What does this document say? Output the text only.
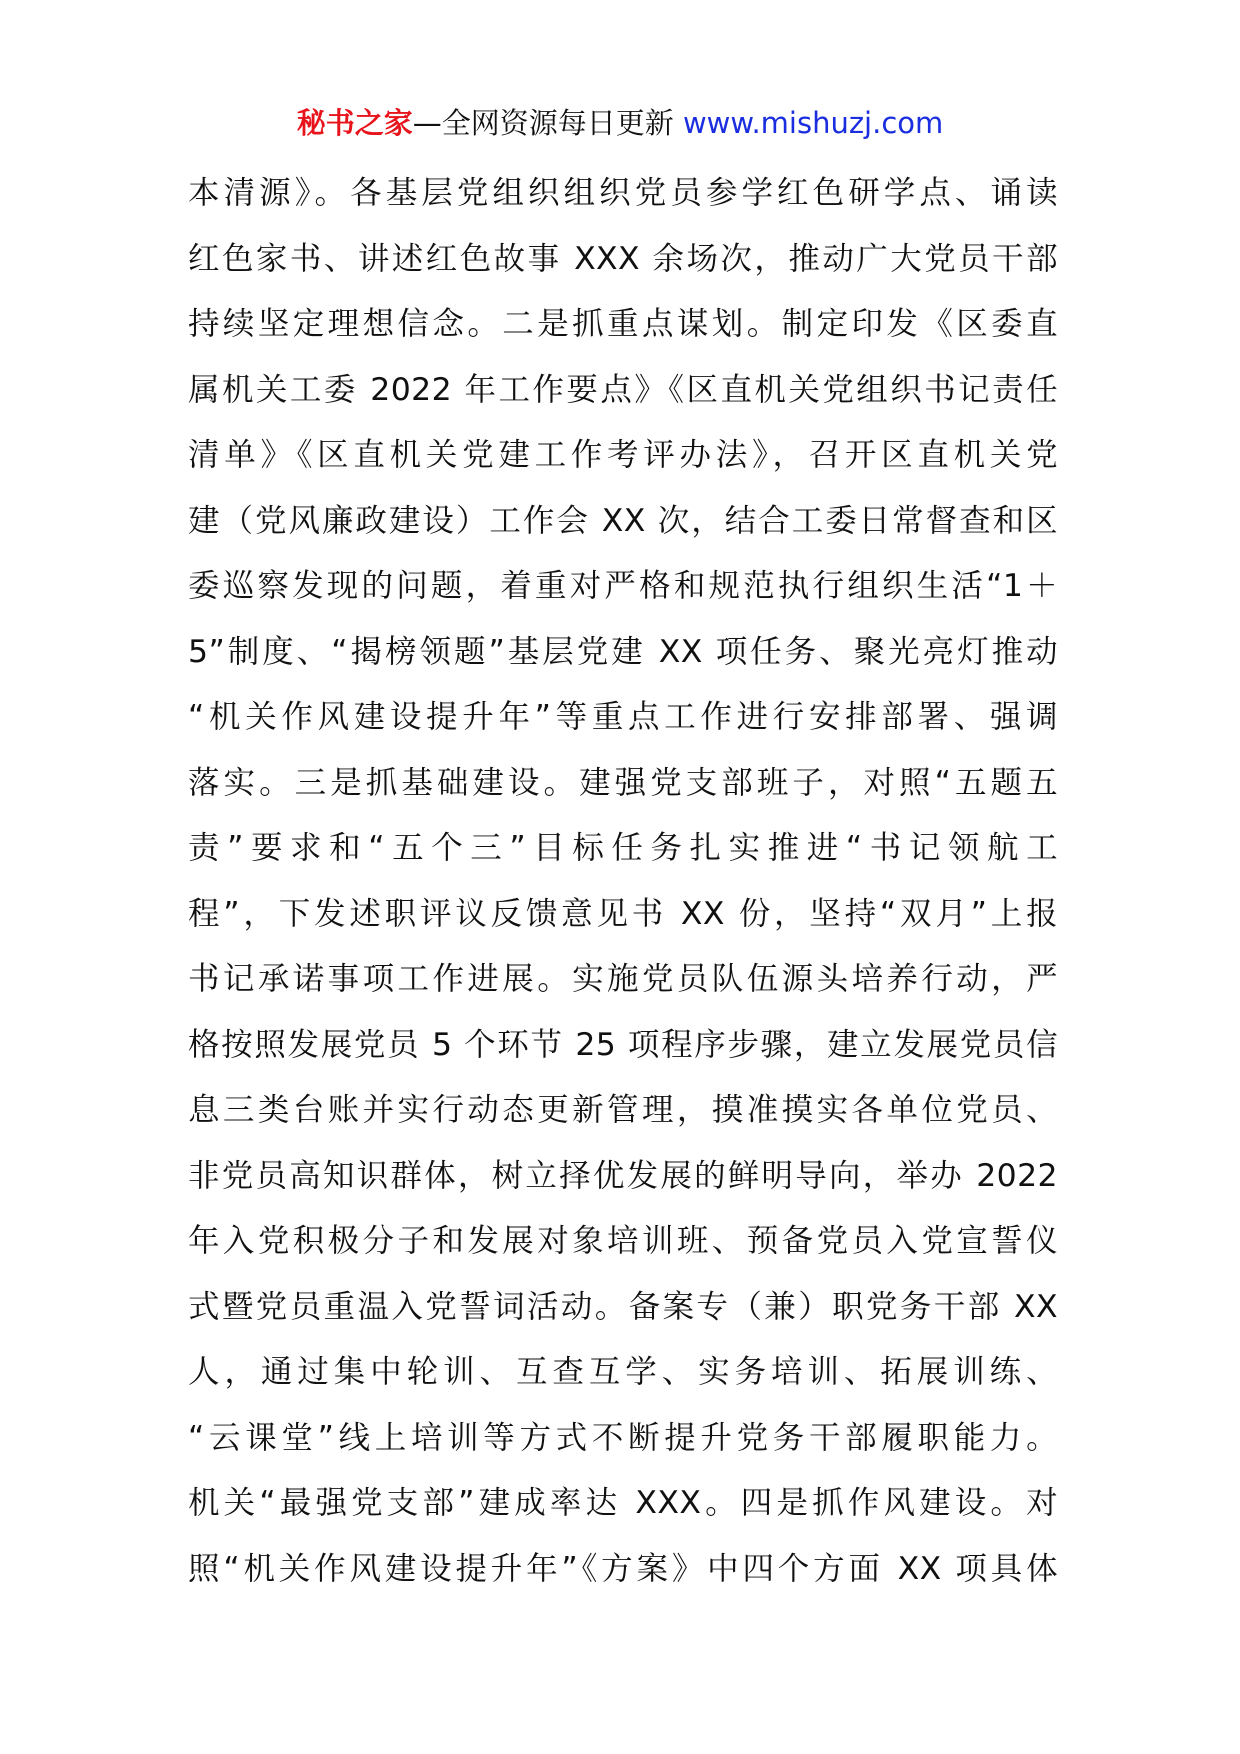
秘书之家—全网资源每日更新 www.mishuzj.com
本清源》。各基层党组织组织党员参学红色研学点、诵读
红色家书、讲述红色故事 XXX 余场次，推动广大党员干部
持续坚定理想信念。二是抓重点谋划。制定印发《区委直
属机关工委 2022 年工作要点》《区直机关党组织书记责任
清单》《区直机关党建工作考评办法》，召开区直机关党
建（党风廉政建设）工作会 XX 次，结合工委日常督查和区
委巡察发现的问题，着重对严格和规范执行组织生活“1＋
5”制度、“揭榜领题”基层党建 XX 项任务、聚光亮灯推动
“机关作风建设提升年”等重点工作进行安排部署、强调
落实。三是抓基础建设。建强党支部班子，对照“五题五
责”要求和“五个三”目标任务扎实推进“书记领航工
程”，下发述职评议反馈意见书 XX 份，坚持“双月”上报
书记承诺事项工作进展。实施党员队伍源头培养行动，严
格按照发展党员 5 个环节 25 项程序步骤，建立发展党员信
息三类台账并实行动态更新管理，摸准摸实各单位党员、
非党员高知识群体，树立择优发展的鲜明导向，举办 2022
年入党积极分子和发展对象培训班、预备党员入党宣誓仪
式暨党员重温入党誓词活动。备案专（兼）职党务干部 XX
人，通过集中轮训、互查互学、实务培训、拓展训练、
“云课堂”线上培训等方式不断提升党务干部履职能力。
机关“最强党支部”建成率达 XXX。四是抓作风建设。对
照“机关作风建设提升年”《方案》中四个方面 XX 项具体
